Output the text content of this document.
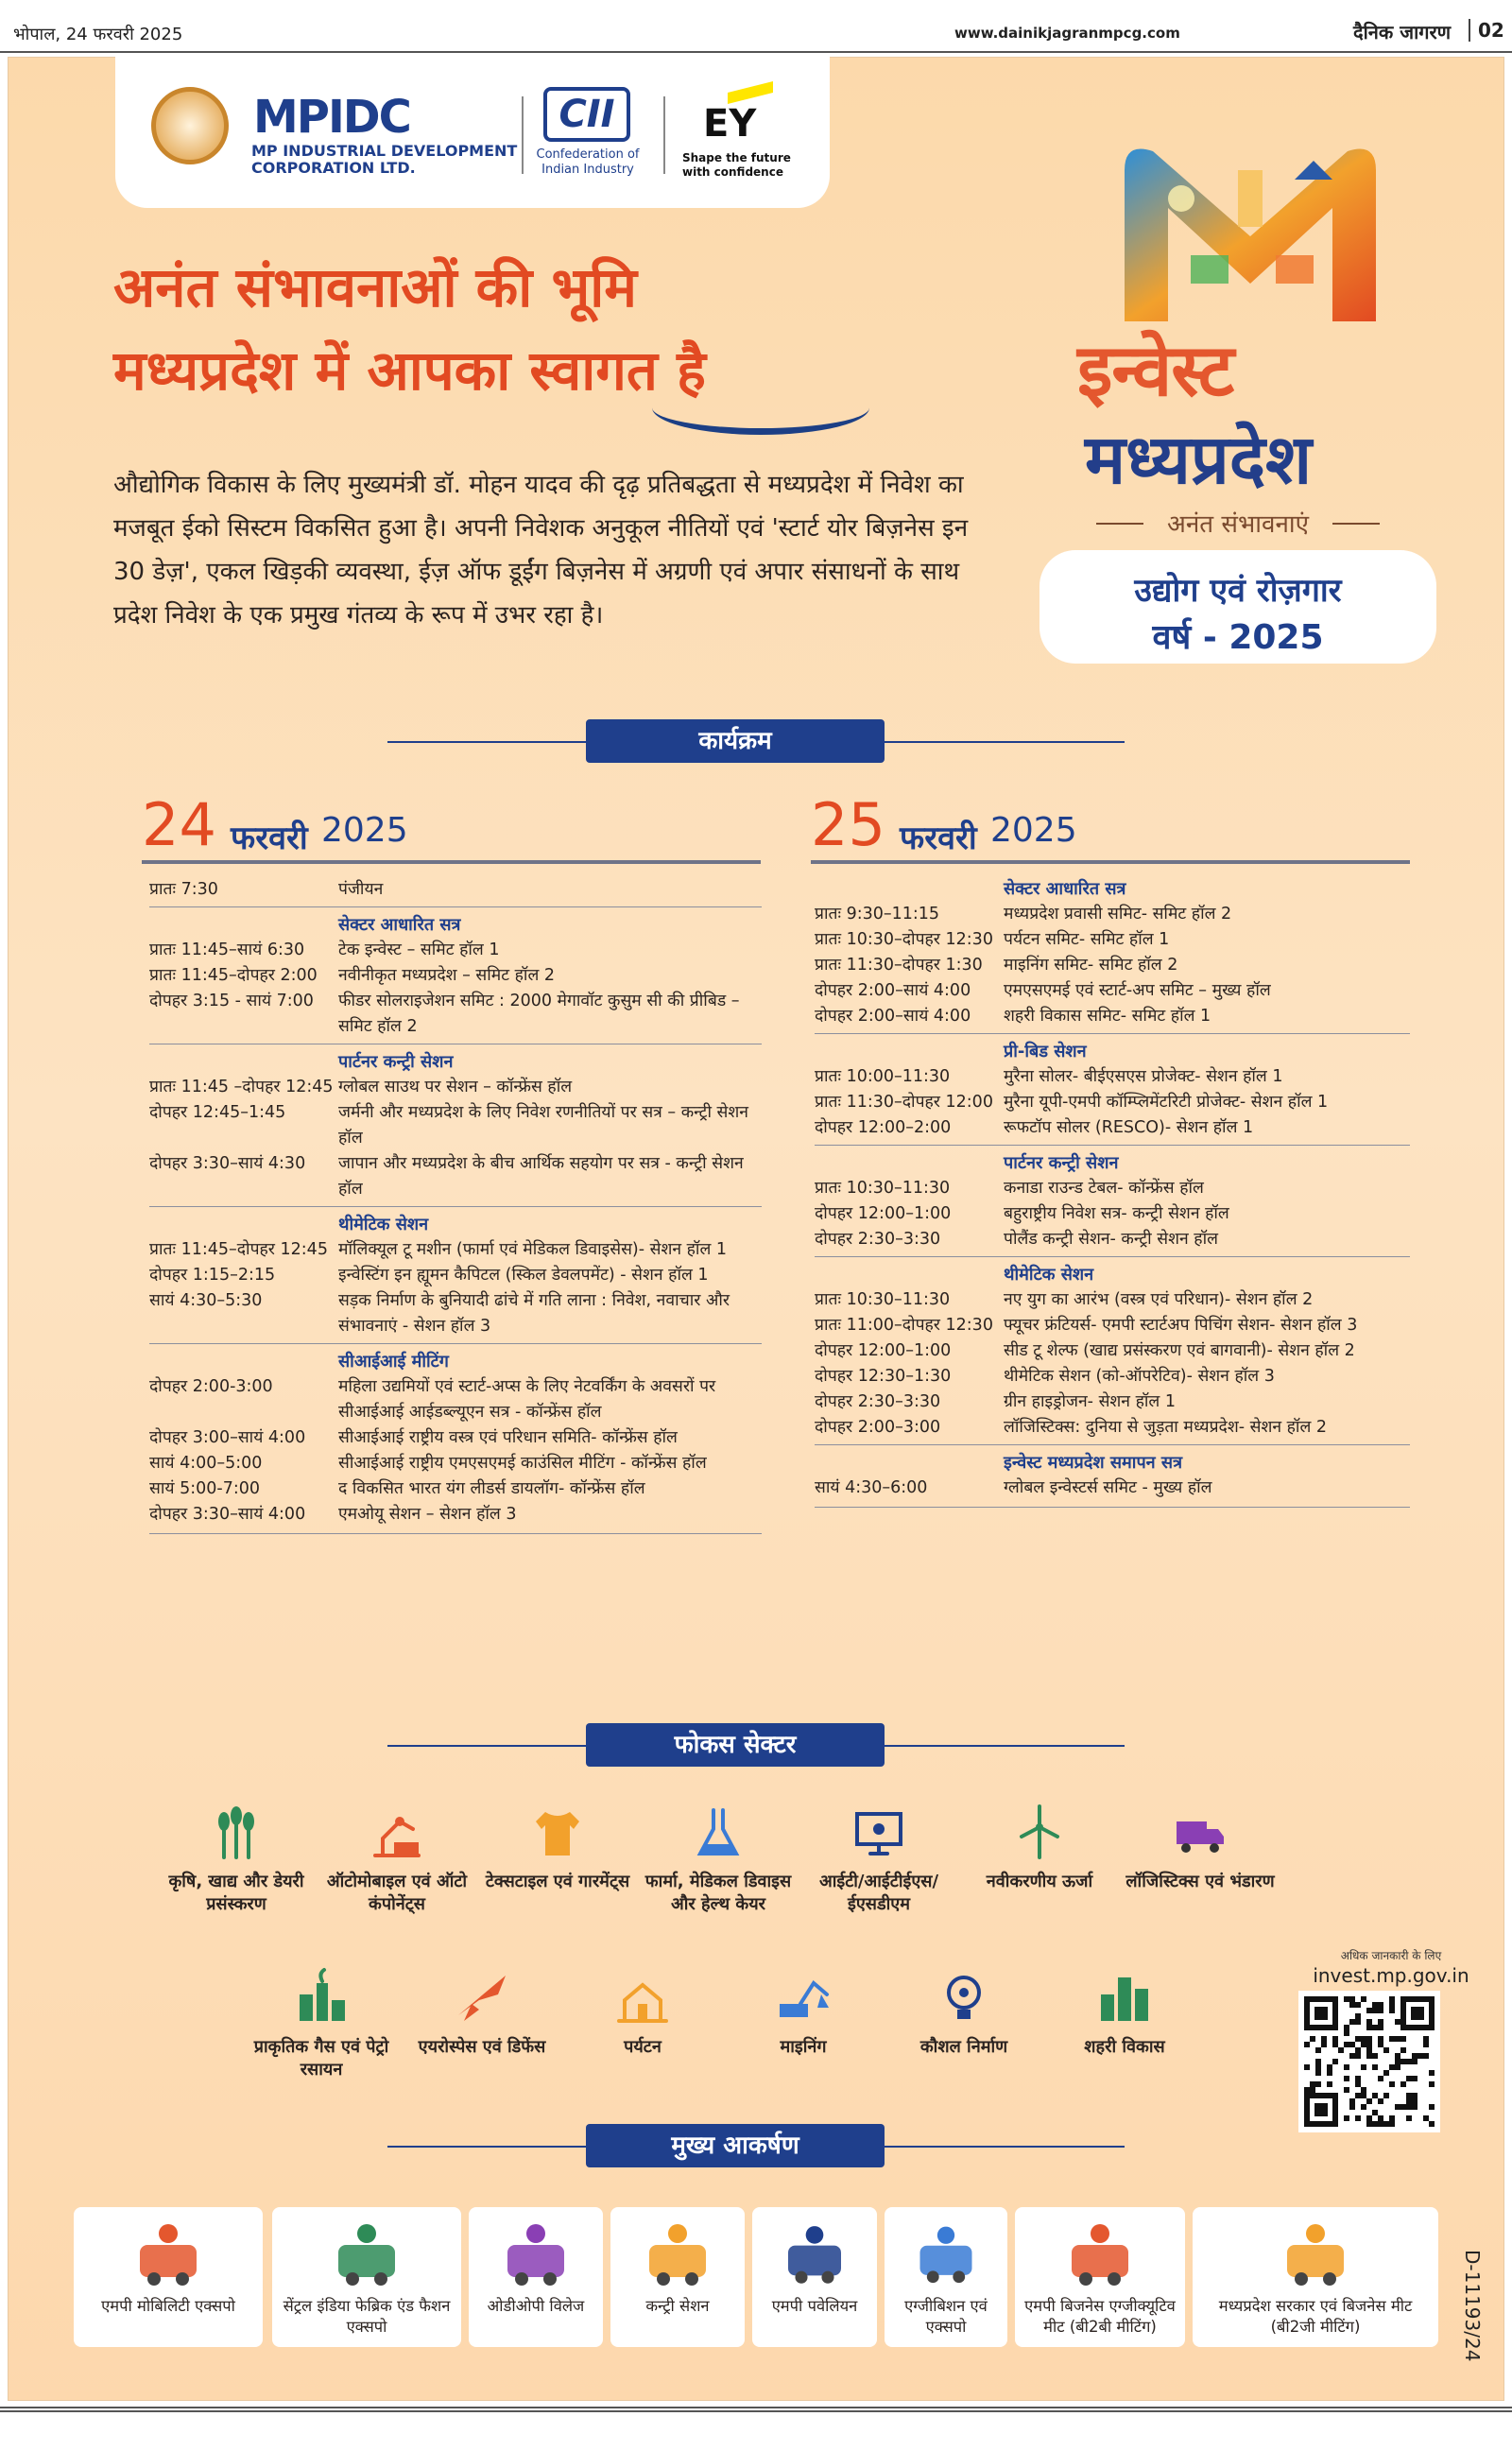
भोपाल, 24 फरवरी 2025	www.dainikjagranmpcg.com	दैनिक जागरण	02
MPIDC
MP INDUSTRIAL DEVELOPMENT
CORPORATION LTD.
CII
Confederation of
Indian Industry
EY
Shape the future
with confidence
अनंत संभावनाओं की भूमि
मध्यप्रदेश में आपका स्वागत है

औद्योगिक विकास के लिए मुख्यमंत्री डॉ. मोहन यादव की दृढ़ प्रतिबद्धता से मध्यप्रदेश में निवेश का मजबूत ईको सिस्टम विकसित हुआ है। अपनी निवेशक अनुकूल नीतियों एवं 'स्टार्ट योर बिज़नेस इन 30 डेज़', एकल खिड़की व्यवस्था, ईज़ ऑफ डूईंग बिज़नेस में अग्रणी एवं अपार संसाधनों के साथ प्रदेश निवेश के एक प्रमुख गंतव्य के रूप में उभर रहा है।

इन्वेस्ट
मध्यप्रदेश
अनंत संभावनाएं
उद्योग एवं रोज़गार
वर्ष - 2025
कार्यक्रम
24 फरवरी 2025
प्रातः 7:30	पंजीयन
सेक्टर आधारित सत्र
प्रातः 11:45–सायं 6:30	टेक इन्वेस्ट – समिट हॉल 1
प्रातः 11:45–दोपहर 2:00	नवीनीकृत मध्यप्रदेश – समिट हॉल 2
दोपहर 3:15 - सायं 7:00	फीडर सोलराइजेशन समिट : 2000 मेगावॉट कुसुम सी की प्रीबिड – समिट हॉल 2
पार्टनर कन्ट्री सेशन
प्रातः 11:45 –दोपहर 12:45 ग्लोबल साउथ पर सेशन – कॉन्फ्रेंस हॉल
दोपहर 12:45–1:45	जर्मनी और मध्यप्रदेश के लिए निवेश रणनीतियों पर सत्र – कन्ट्री सेशन हॉल
दोपहर 3:30–सायं 4:30	जापान और मध्यप्रदेश के बीच आर्थिक सहयोग पर सत्र - कन्ट्री सेशन हॉल
थीमेटिक सेशन
प्रातः 11:45–दोपहर 12:45 मॉलिक्यूल टू मशीन (फार्मा एवं मेडिकल डिवाइसेस)- सेशन हॉल 1
दोपहर 1:15–2:15	इन्वेस्टिंग इन ह्यूमन कैपिटल (स्किल डेवलपमेंट) - सेशन हॉल 1
सायं 4:30–5:30	सड़क निर्माण के बुनियादी ढांचे में गति लाना : निवेश, नवाचार और संभावनाएं - सेशन हॉल 3
सीआईआई मीटिंग
दोपहर 2:00-3:00	महिला उद्यमियों एवं स्टार्ट-अप्स के लिए नेटवर्किंग के अवसरों पर सीआईआई आईडब्ल्यूएन सत्र - कॉन्फ्रेंस हॉल
दोपहर 3:00–सायं 4:00	सीआईआई राष्ट्रीय वस्त्र एवं परिधान समिति- कॉन्फ्रेंस हॉल
सायं 4:00–5:00	सीआईआई राष्ट्रीय एमएसएमई काउंसिल मीटिंग - कॉन्फ्रेंस हॉल
सायं 5:00-7:00	द विकसित भारत यंग लीडर्स डायलॉग- कॉन्फ्रेंस हॉल
दोपहर 3:30–सायं 4:00	एमओयू सेशन – सेशन हॉल 3
25 फरवरी 2025
सेक्टर आधारित सत्र
प्रातः 9:30–11:15	मध्यप्रदेश प्रवासी समिट- समिट हॉल 2
प्रातः 10:30–दोपहर 12:30 पर्यटन समिट- समिट हॉल 1
प्रातः 11:30–दोपहर 1:30	माइनिंग समिट- समिट हॉल 2
दोपहर 2:00–सायं 4:00	एमएसएमई एवं स्टार्ट-अप समिट – मुख्य हॉल
दोपहर 2:00–सायं 4:00	शहरी विकास समिट- समिट हॉल 1
प्री-बिड सेशन
प्रातः 10:00–11:30	मुरैना सोलर- बीईएसएस प्रोजेक्ट- सेशन हॉल 1
प्रातः 11:30–दोपहर 12:00 मुरैना यूपी-एमपी कॉम्प्लिमेंटरिटी प्रोजेक्ट- सेशन हॉल 1
दोपहर 12:00–2:00	रूफटॉप सोलर (RESCO)- सेशन हॉल 1
पार्टनर कन्ट्री सेशन
प्रातः 10:30–11:30	कनाडा राउन्ड टेबल- कॉन्फ्रेंस हॉल
दोपहर 12:00–1:00	बहुराष्ट्रीय निवेश सत्र- कन्ट्री सेशन हॉल
दोपहर 2:30–3:30	पोलैंड कन्ट्री सेशन- कन्ट्री सेशन हॉल
थीमेटिक सेशन
प्रातः 10:30–11:30	नए युग का आरंभ (वस्त्र एवं परिधान)- सेशन हॉल 2
प्रातः 11:00–दोपहर 12:30 फ्यूचर फ्रंटियर्स- एमपी स्टार्टअप पिचिंग सेशन- सेशन हॉल 3
दोपहर 12:00–1:00	सीड टू शेल्फ (खाद्य प्रसंस्करण एवं बागवानी)- सेशन हॉल 2
दोपहर 12:30–1:30	थीमेटिक सेशन (को-ऑपरेटिव)- सेशन हॉल 3
दोपहर 2:30–3:30	ग्रीन हाइड्रोजन- सेशन हॉल 1
दोपहर 2:00–3:00	लॉजिस्टिक्स: दुनिया से जुड़ता मध्यप्रदेश- सेशन हॉल 2
इन्वेस्ट मध्यप्रदेश समापन सत्र
सायं 4:30–6:00	ग्लोबल इन्वेस्टर्स समिट - मुख्य हॉल
फोकस सेक्टर
कृषि, खाद्य और डेयरी प्रसंस्करण
ऑटोमोबाइल एवं ऑटो कंपोनेंट्स
टेक्सटाइल एवं गारमेंट्स फार्मा, मेडिकल डिवाइस और हेल्थ केयर
आईटी/आईटीईएस/ ईएसडीएम
नवीकरणीय ऊर्जा	लॉजिस्टिक्स एवं भंडारण
प्राकृतिक गैस एवं पेट्रो रसायन
एयरोस्पेस एवं डिफेंस	पर्यटन	माइनिंग	कौशल निर्माण	शहरी विकास
अधिक जानकारी के लिए
invest.mp.gov.in
मुख्य आकर्षण
एमपी मोबिलिटी एक्सपो	सेंट्रल इंडिया फेब्रिक एंड फैशन एक्सपो
ओडीओपी विलेज	कन्ट्री सेशन	एमपी पवेलियन	एग्जीबिशन एवं एक्सपो
एमपी बिजनेस एग्जीक्यूटिव मीट (बी2बी मीटिंग)
मध्यप्रदेश सरकार एवं बिजनेस मीट (बी2जी मीटिंग)	D-11193/24
